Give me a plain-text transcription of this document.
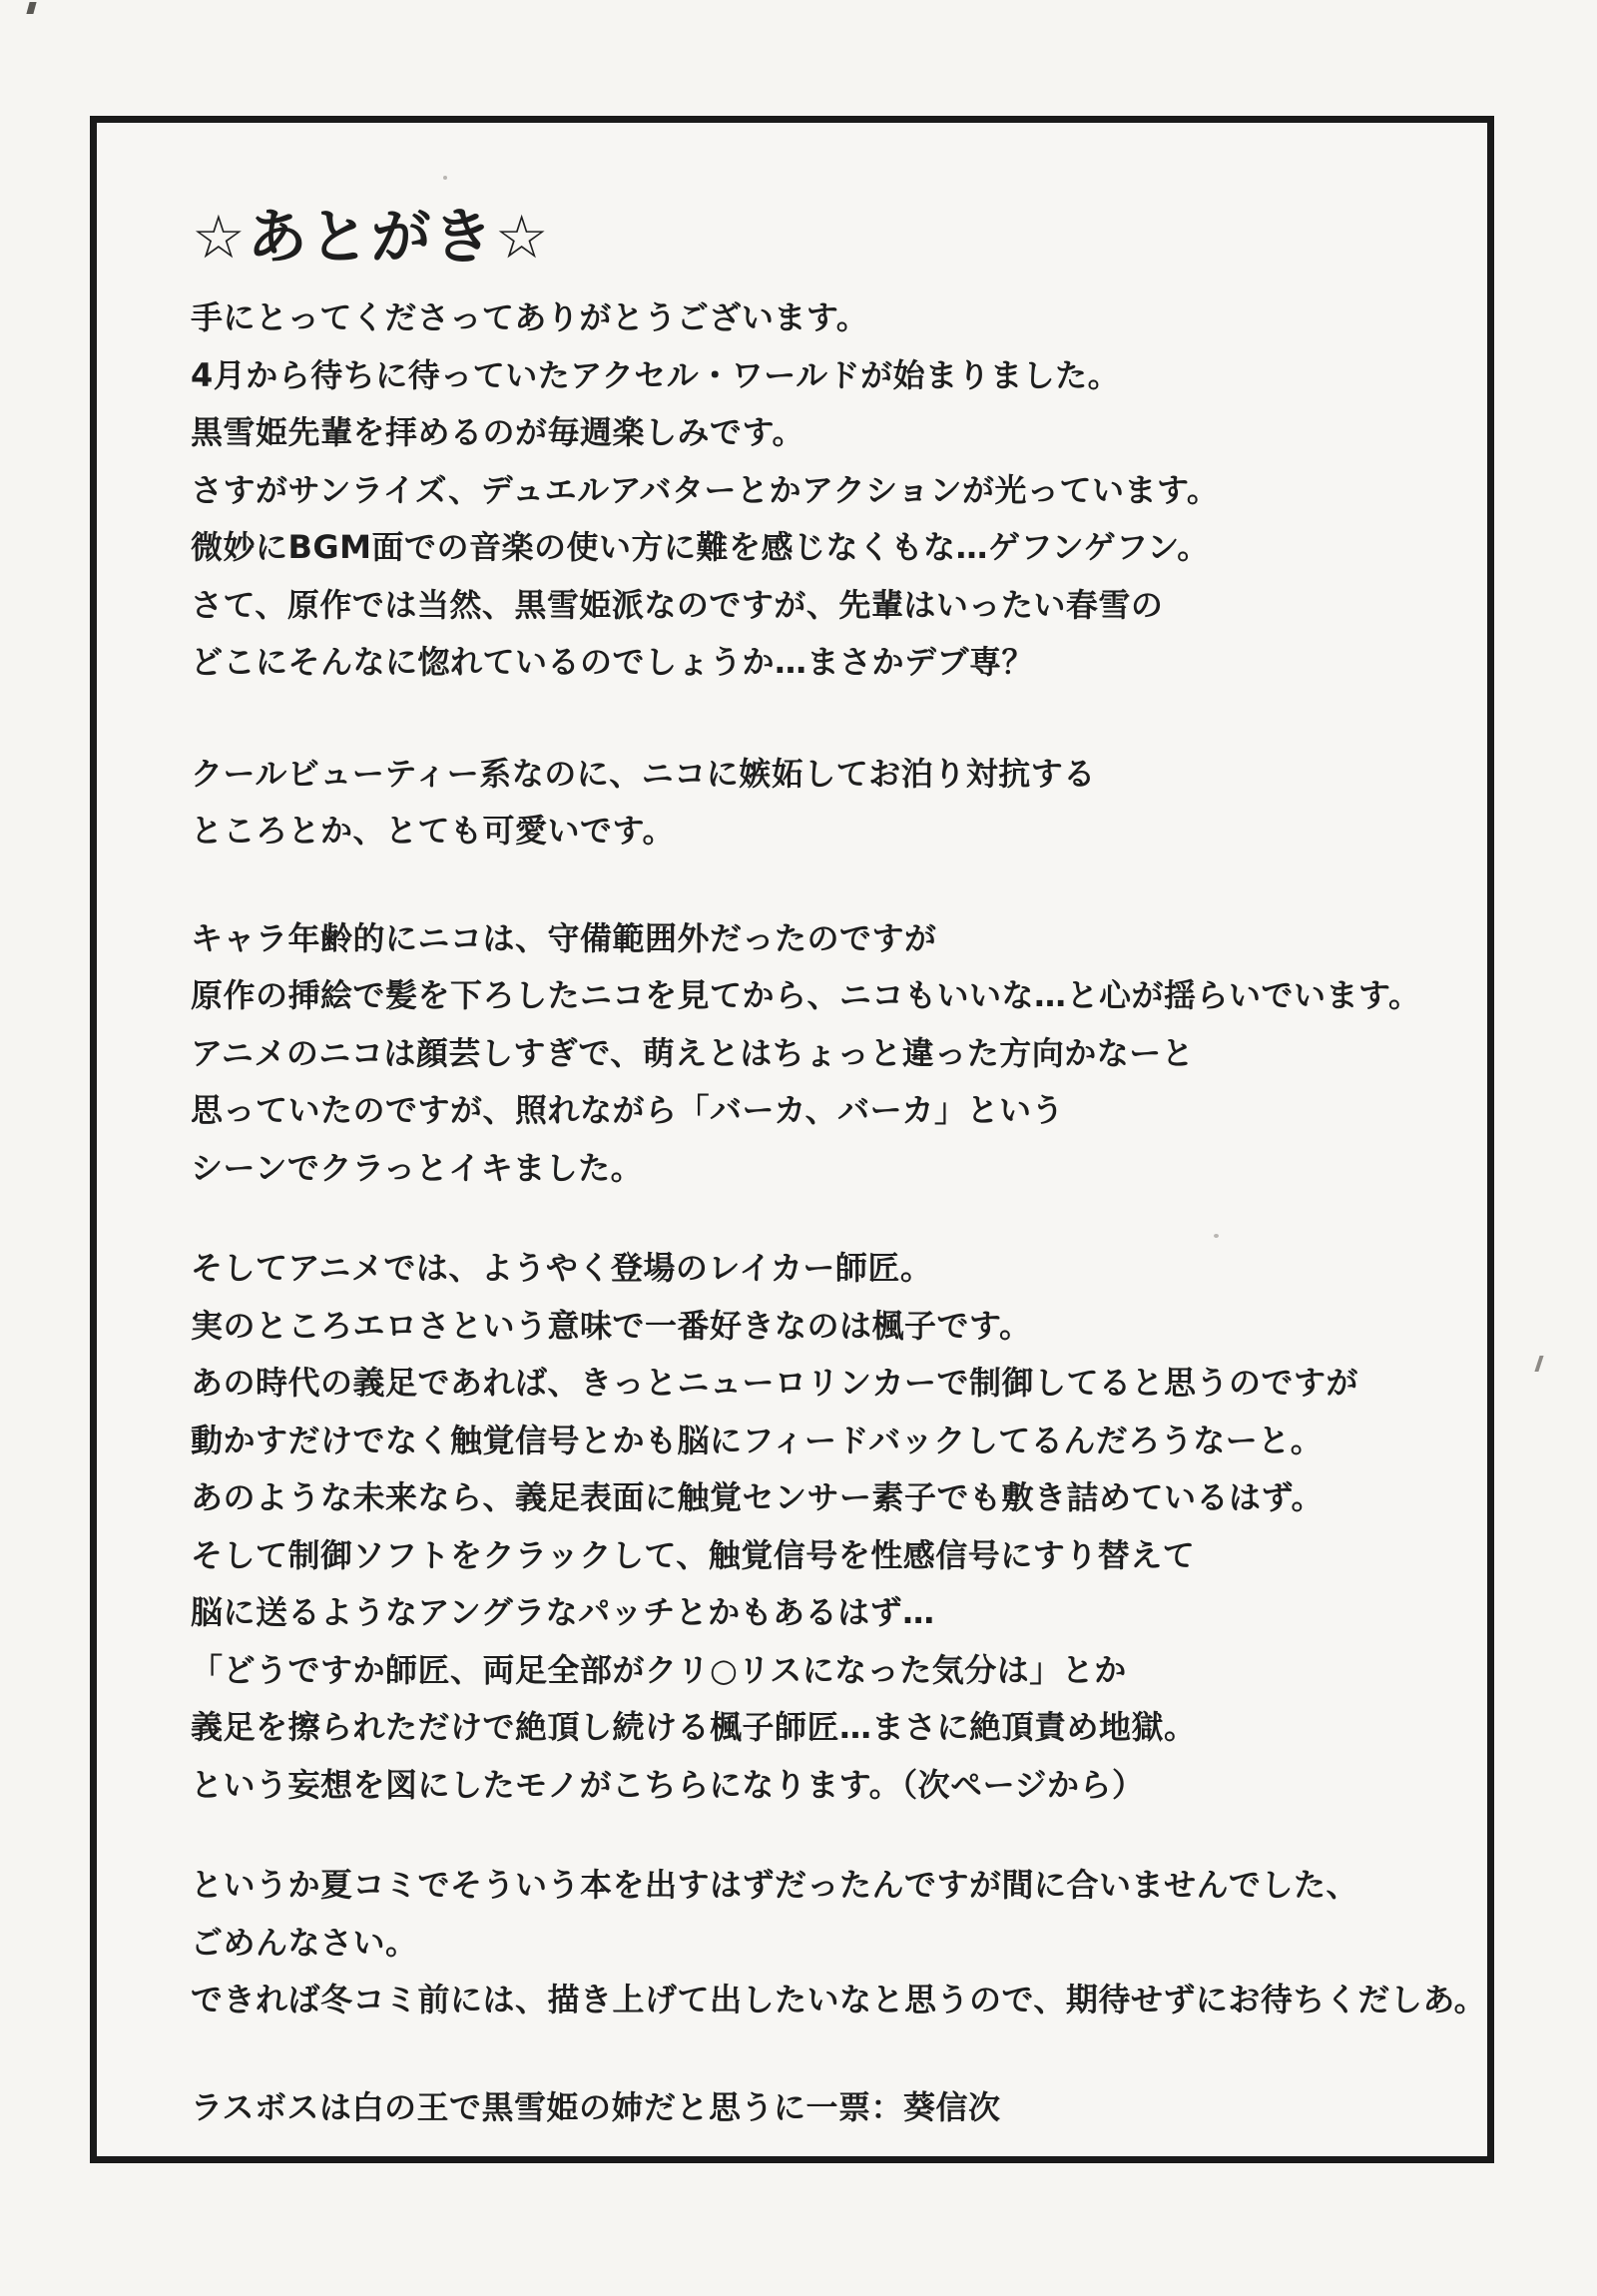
☆あとがき☆
手にとってくださってありがとうございます。
4月から待ちに待っていたアクセル・ワールドが始まりました。
黒雪姫先輩を拝めるのが毎週楽しみです。
さすがサンライズ、デュエルアバターとかアクションが光っています。
微妙にBGM面での音楽の使い方に難を感じなくもな…ゲフンゲフン。
さて、原作では当然、黒雪姫派なのですが、先輩はいったい春雪の
どこにそんなに惚れているのでしょうか…まさかデブ専？
クールビューティー系なのに、ニコに嫉妬してお泊り対抗する
ところとか、とても可愛いです。
キャラ年齢的にニコは、守備範囲外だったのですが
原作の挿絵で髪を下ろしたニコを見てから、ニコもいいな…と心が揺らいでいます。
アニメのニコは顔芸しすぎで、萌えとはちょっと違った方向かなーと
思っていたのですが、照れながら「バーカ、バーカ」という
シーンでクラっとイキました。
そしてアニメでは、ようやく登場のレイカー師匠。
実のところエロさという意味で一番好きなのは楓子です。
あの時代の義足であれば、きっとニューロリンカーで制御してると思うのですが
動かすだけでなく触覚信号とかも脳にフィードバックしてるんだろうなーと。
あのような未来なら、義足表面に触覚センサー素子でも敷き詰めているはず。
そして制御ソフトをクラックして、触覚信号を性感信号にすり替えて
脳に送るようなアングラなパッチとかもあるはず…
「どうですか師匠、両足全部がクリ○リスになった気分は」とか
義足を擦られただけで絶頂し続ける楓子師匠…まさに絶頂責め地獄。
という妄想を図にしたモノがこちらになります。（次ページから）
というか夏コミでそういう本を出すはずだったんですが間に合いませんでした、
ごめんなさい。
できれば冬コミ前には、描き上げて出したいなと思うので、期待せずにお待ちくだしあ。
ラスボスは白の王で黒雪姫の姉だと思うに一票：葵信次
